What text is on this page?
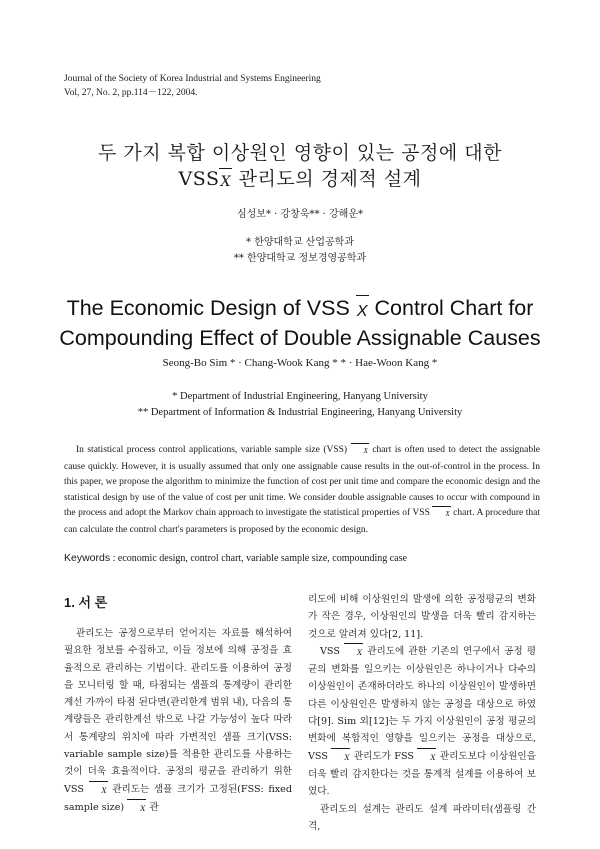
Journal of the Society of Korea Industrial and Systems Engineering
Vol, 27, No. 2, pp.114－122, 2004.
두 가지 복합 이상원인 영향이 있는 공정에 대한
VSSX 관리도의 경제적 설계
심성보* · 강창욱** · 강해운*
* 한양대학교 산업공학과
** 한양대학교 정보경영공학과
The Economic Design of VSS X Control Chart for
Compounding Effect of Double Assignable Causes
Seong-Bo Sim * · Chang-Wook Kang * * · Hae-Woon Kang *
* Department of Industrial Engineering, Hanyang University
** Department of Information & Industrial Engineering, Hanyang University

In statistical process control applications, variable sample size (VSS) X chart is often used to detect the assignable cause quickly. However, it is usually assumed that only one assignable cause results in the out-of-control in the process. In this paper, we propose the algorithm to minimize the function of cost per unit time and compare the economic design and the statistical design by use of the value of cost per unit time. We consider double assignable causes to occur with compound in the process and adopt the Markov chain approach to investigate the statistical properties of VSS X chart. A procedure that can calculate the control chart's parameters is proposed by the economic design.

Keywords : economic design, control chart, variable sample size, compounding case

1. 서 론

관리도는 공정으로부터 얻어지는 자료를 해석하여 필요한 정보를 수집하고, 이들 정보에 의해 공정을 효율적으로 관리하는 기법이다. 관리도를 이용하여 공정을 모니터링 할 때, 타점되는 샘플의 통계량이 관리한계선 가까이 타점 된다면(관리한계 범위 내), 다음의 통계량들은 관리한계선 밖으로 나갈 가능성이 높다 따라서 통계량의 위치에 따라 가변적인 샘플 크기(VSS: variable sample size)를 적용한 관리도를 사용하는 것이 더욱 효율적이다. 공정의 평균을 관리하기 위한 VSS X 관리도는 샘플 크기가 고정된(FSS: fixed sample size) X 관

리도에 비해 이상원인의 발생에 의한 공정평균의 변화가 작은 경우, 이상원인의 발생을 더욱 빨리 감지하는 것으로 알려져 있다[2, 11].

VSS X 관리도에 관한 기존의 연구에서 공정 평균의 변화를 일으키는 이상원인은 하나이거나 다수의 이상원인이 존재하더라도 하나의 이상원인이 발생하면 다른 이상원인은 발생하지 않는 공정을 대상으로 하였다[9]. Sim 외[12]는 두 가지 이상원인이 공정 평균의 변화에 복합적인 영향을 일으키는 공정을 대상으로, VSS X 관리도가 FSS X 관리도보다 이상원인을 더욱 빨리 감지한다는 것을 통계적 설계를 이용하여 보였다.

관리도의 설계는 관리도 설계 파라미터(샘플링 간격,
